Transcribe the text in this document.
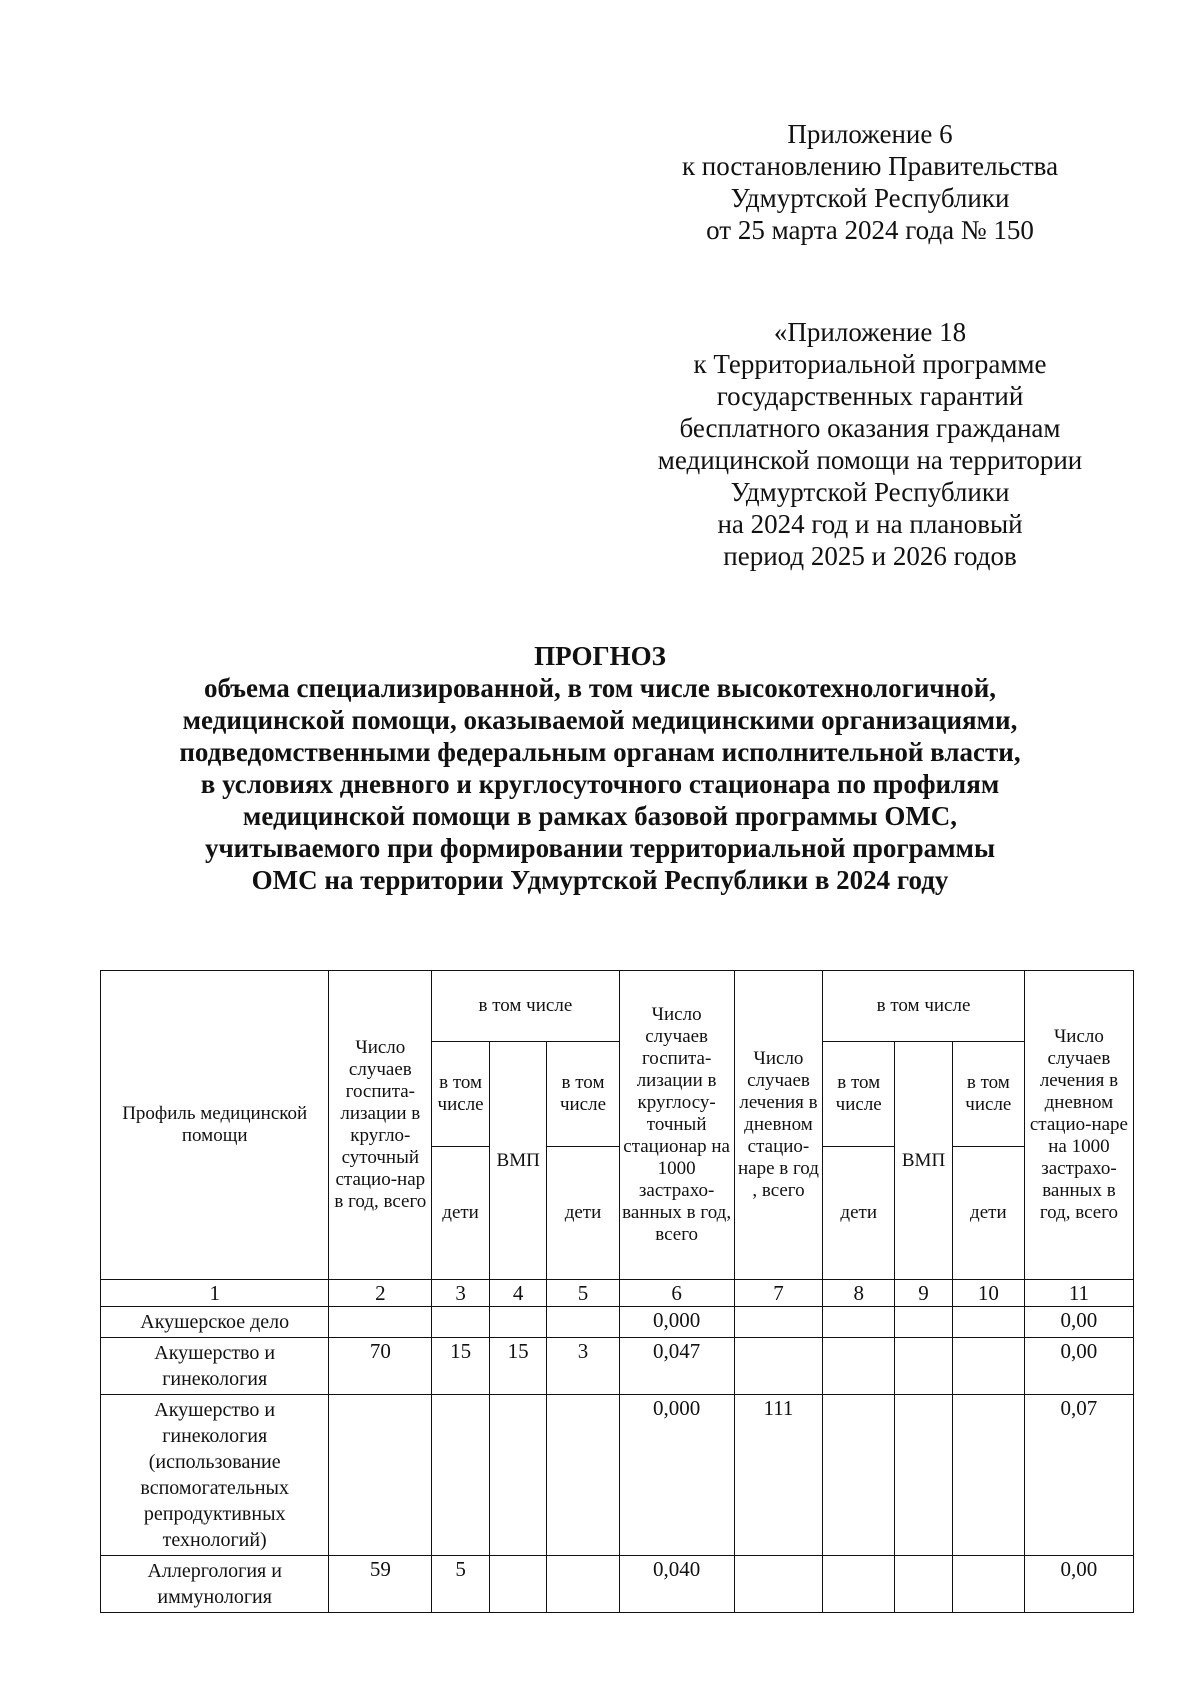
Приложение 6
к постановлению Правительства
Удмуртской Республики
от 25 марта 2024 года № 150
«Приложение 18
к Территориальной программе
государственных гарантий
бесплатного оказания гражданам
медицинской помощи на территории
Удмуртской Республики
на 2024 год и на плановый
период 2025 и 2026 годов
ПРОГНОЗ
объема специализированной, в том числе высокотехнологичной,
медицинской помощи, оказываемой медицинскими организациями,
подведомственными федеральным органам исполнительной власти,
в условиях дневного и круглосуточного стационара по профилям
медицинской помощи в рамках базовой программы ОМС,
учитываемого при формировании территориальной программы
ОМС на территории Удмуртской Республики в 2024 году
Профиль медицинской помощи	Число случаев госпита-лизации в кругло-суточный стацио-нар в год, всего	в том числе			Число случаев госпита-лизации в круглосу-точный стационар на 1000 застрахо-ванных в год, всего	Число случаев лечения в дневном стацио-наре в год , всего	в том числе			Число случаев лечения в дневном стацио-наре на 1000 застрахо-ванных в год, всего
		в том числе	ВМП	в том числе			в том числе	ВМП	в том числе	
		дети		дети			дети		дети	
1	2	3	4	5	6	7	8	9	10	11
Акушерское дело					0,000					0,00
Акушерство и гинекология	70	15	15	3	0,047					0,00
Акушерство и гинекология (использование вспомогательных репродуктивных технологий)					0,000	111				0,07
Аллергология и иммунология	59	5			0,040					0,00
